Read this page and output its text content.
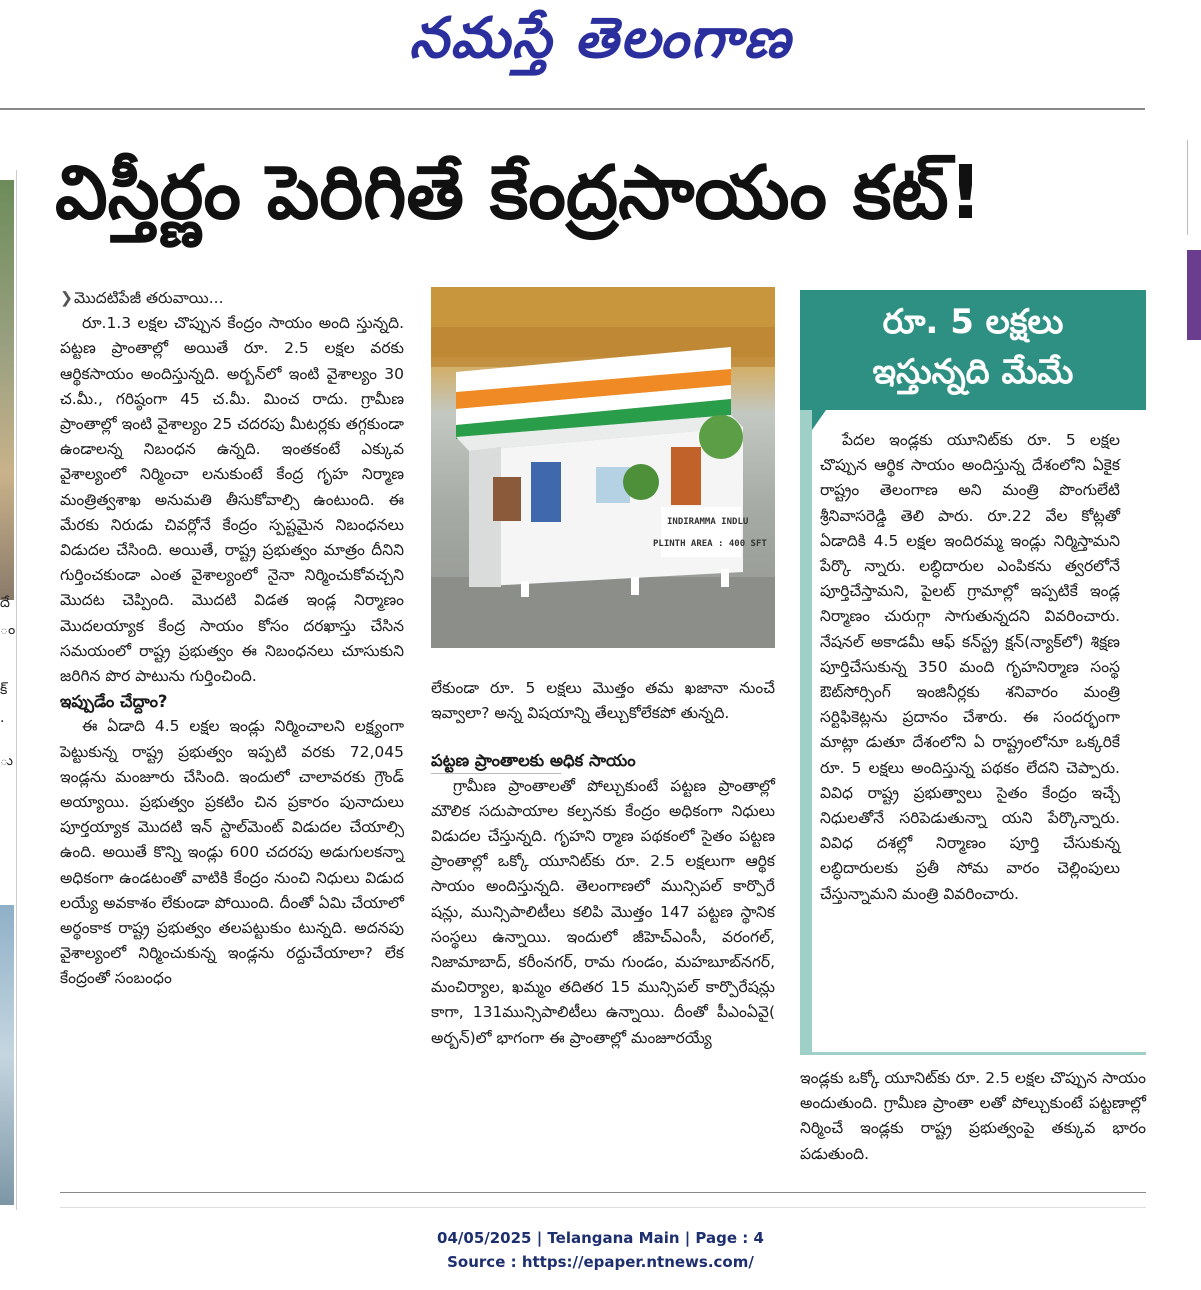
నమస్తే తెలంగాణ
దే
ం
క్
.
ు
విస్తీర్ణం పెరిగితే కేంద్రసాయం కట్!

❯మొదటిపేజీ తరువాయి...

రూ.1.3 లక్షల చొప్పున కేంద్రం సాయం అంది స్తున్నది. పట్టణ ప్రాంతాల్లో అయితే రూ. 2.5 లక్షల వరకు ఆర్థికసాయం అందిస్తున్నది. అర్బన్‌లో ఇంటి వైశాల్యం 30 చ.మీ., గరిష్ఠంగా 45 చ.మీ. మించ రాదు. గ్రామీణ ప్రాంతాల్లో ఇంటి వైశాల్యం 25 చదరపు మీటర్లకు తగ్గకుండా ఉండాలన్న నిబంధన ఉన్నది. ఇంతకంటే ఎక్కువ వైశాల్యంలో నిర్మించా లనుకుంటే కేంద్ర గృహ నిర్మాణ మంత్రిత్వశాఖ అనుమతి తీసుకోవాల్సి ఉంటుంది. ఈ మేరకు నిరుడు చివర్లోనే కేంద్రం స్పష్టమైన నిబంధనలు విడుదల చేసింది. అయితే, రాష్ట్ర ప్రభుత్వం మాత్రం దీనిని గుర్తించకుండా ఎంత వైశాల్యంలో నైనా నిర్మించుకోవచ్చని మొదట చెప్పింది. మొదటి విడత ఇండ్ల నిర్మాణం మొదలయ్యాక కేంద్ర సాయం కోసం దరఖాస్తు చేసిన సమయంలో రాష్ట్ర ప్రభుత్వం ఈ నిబంధనలు చూసుకుని జరిగిన పొర పాటును గుర్తించింది.

ఇప్పుడేం చేద్దాం?

ఈ ఏడాది 4.5 లక్షల ఇండ్లు నిర్మించాలని లక్ష్యంగా పెట్టుకున్న రాష్ట్ర ప్రభుత్వం ఇప్పటి వరకు 72,045 ఇండ్లను మంజూరు చేసింది. ఇందులో చాలావరకు గ్రౌండ్ అయ్యాయి. ప్రభుత్వం ప్రకటిం చిన ప్రకారం పునాదులు పూర్తయ్యాక మొదటి ఇన్ స్టాల్‌మెంట్ విడుదల చేయాల్సి ఉంది. అయితే కొన్ని ఇండ్లు 600 చదరపు అడుగులకన్నా అధికంగా ఉండటంతో వాటికి కేంద్రం నుంచి నిధులు విడుద లయ్యే అవకాశం లేకుండా పోయింది. దీంతో ఏమి చేయాలో అర్థంకాక రాష్ట్ర ప్రభుత్వం తలపట్టుకుం టున్నది. అదనపు వైశాల్యంలో నిర్మించుకున్న ఇండ్లను రద్దుచేయాలా? లేక కేంద్రంతో సంబంధం

INDIRAMMA INDLU
PLINTH AREA : 400 SFT

లేకుండా రూ. 5 లక్షలు మొత్తం తమ ఖజానా నుంచే ఇవ్వాలా? అన్న విషయాన్ని తేల్చుకోలేకపో తున్నది.

పట్టణ ప్రాంతాలకు అధిక సాయం

గ్రామీణ ప్రాంతాలతో పోల్చుకుంటే పట్టణ ప్రాంతాల్లో మౌలిక సదుపాయాల కల్పనకు కేంద్రం అధికంగా నిధులు విడుదల చేస్తున్నది. గృహని ర్మాణ పథకంలో సైతం పట్టణ ప్రాంతాల్లో ఒక్కో యూనిట్‌కు రూ. 2.5 లక్షలుగా ఆర్థిక సాయం అందిస్తున్నది. తెలంగాణలో మున్సిపల్ కార్పొరే షన్లు, మున్సిపాలిటీలు కలిపి మొత్తం 147 పట్టణ స్థానిక సంస్థలు ఉన్నాయి. ఇందులో జీహెచ్‌ఎంసీ, వరంగల్, నిజామాబాద్, కరీంనగర్, రామ గుండం, మహబూబ్‌నగర్, మంచిర్యాల, ఖమ్మం తదితర 15 మున్సిపల్ కార్పొరేషన్లు కాగా, 131మున్సిపాలిటీలు ఉన్నాయి. దీంతో పీఎంఏవై( అర్బన్)లో భాగంగా ఈ ప్రాంతాల్లో మంజూరయ్యే

రూ. 5 లక్షలు
ఇస్తున్నది మేమే

పేదల ఇండ్లకు యూనిట్‌కు రూ. 5 లక్షల చొప్పున ఆర్థిక సాయం అందిస్తున్న దేశంలోని ఏకైక రాష్ట్రం తెలంగాణ అని మంత్రి పొంగులేటి శ్రీనివాసరెడ్డి తెలి పారు. రూ.22 వేల కోట్లతో ఏడాదికి 4.5 లక్షల ఇందిరమ్మ ఇండ్లు నిర్మిస్తామని పేర్కొ న్నారు. లబ్ధిదారుల ఎంపికను త్వరలోనే పూర్తిచేస్తామని, పైలట్ గ్రామాల్లో ఇప్పటికే ఇండ్ల నిర్మాణం చురుగ్గా సాగుతున్నదని వివరించారు. నేషనల్ అకాడమీ ఆఫ్ కన్‌స్ట్ర క్షన్(న్యాక్‌లో) శిక్షణ పూర్తిచేసుకున్న 350 మంది గృహనిర్మాణ సంస్థ ఔట్‌సోర్సింగ్ ఇంజినీర్లకు శనివారం మంత్రి సర్టిఫికెట్లను ప్రదానం చేశారు. ఈ సందర్భంగా మాట్లా డుతూ దేశంలోని ఏ రాష్ట్రంలోనూ ఒక్కరికే రూ. 5 లక్షలు అందిస్తున్న పథకం లేదని చెప్పారు. వివిధ రాష్ట్ర ప్రభుత్వాలు సైతం కేంద్రం ఇచ్చే నిధులతోనే సరిపెడుతున్నా యని పేర్కొన్నారు. వివిధ దశల్లో నిర్మాణం పూర్తి చేసుకున్న లబ్ధిదారులకు ప్రతీ సోమ వారం చెల్లింపులు చేస్తున్నామని మంత్రి వివరించారు.

ఇండ్లకు ఒక్కో యూనిట్‌కు రూ. 2.5 లక్షల చొప్పున సాయం అందుతుంది. గ్రామీణ ప్రాంతా లతో పోల్చుకుంటే పట్టణాల్లో నిర్మించే ఇండ్లకు రాష్ట్ర ప్రభుత్వంపై తక్కువ భారం పడుతుంది.

04/05/2025 | Telangana Main | Page : 4
Source : https://epaper.ntnews.com/
